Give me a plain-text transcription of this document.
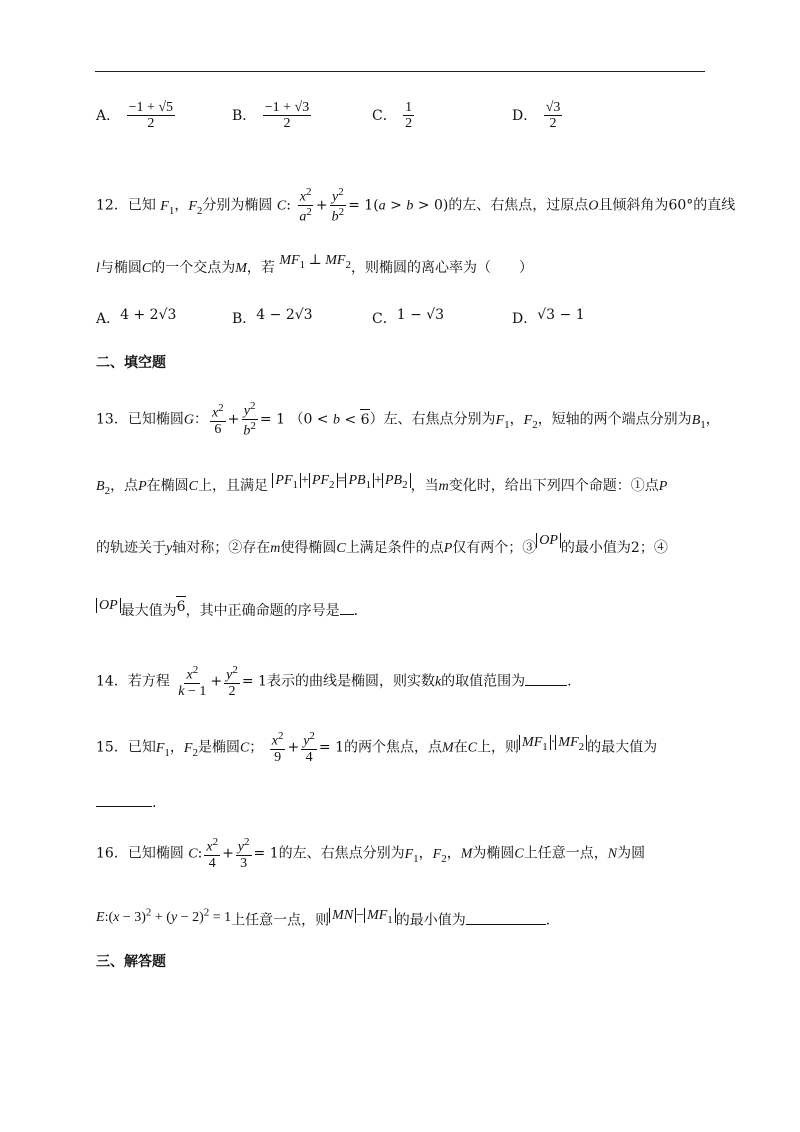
A． $\frac{-1 + √5}{2}$	B． $\frac{-1 + √3}{2}$	C． $\frac{1}{2}$	D． $\frac{√3}{2}$
12．已知 $F_1$，$F_2$分别为椭圆 C: $\frac{x^2}{a^2} + \frac{y^2}{b^2} = 1(a > b > 0)$的左、右焦点，过原点O且倾斜角为60°的直线
l与椭圆C的一个交点为M，若 $MF_1$ ⊥ $MF_2$，则椭圆的离心率为（　　）
A．4 + 2√3	B．4 − 2√3	C．1 − √3	D．√3 − 1
二、填空题
13．已知椭圆G： $\frac{x^2}{6} + \frac{y^2}{b^2} = 1$ （0 < b < 6）左、右焦点分别为$F_1$，$F_2$，短轴的两个端点分别为$B_1$，
$B_2$，点P在椭圆C上，且满足 $PF_1 + PF_2 = PB_1 + PB_2$ ，当m变化时，给出下列四个命题：①点P
的轨迹关于y轴对称；②存在m使得椭圆C上满足条件的点P仅有两个；③ OP 的最小值为2；④
OP 最大值为6，其中正确命题的序号是 .
14．若方程 $\frac{x^2}{k - 1} + \frac{y^2}{2} = 1$表示的曲线是椭圆，则实数k的取值范围为	.
15．已知$F_1$，$F_2$是椭圆C； $\frac{x^2}{9} + \frac{y^2}{4} = 1$的两个焦点，点M在C上，则 $MF_1 \cdot MF_2$ 的最大值为
.
16．已知椭圆 C: $\frac{x^2}{4} + \frac{y^2}{3} = 1$的左、右焦点分别为$F_1$，$F_2$，M为椭圆C上任意一点，N为圆
E:(x − $3)^2 + (y - 2)^2 = 1$上任意一点，则 MN − $MF_1$ 的最小值为	.
三、解答题
